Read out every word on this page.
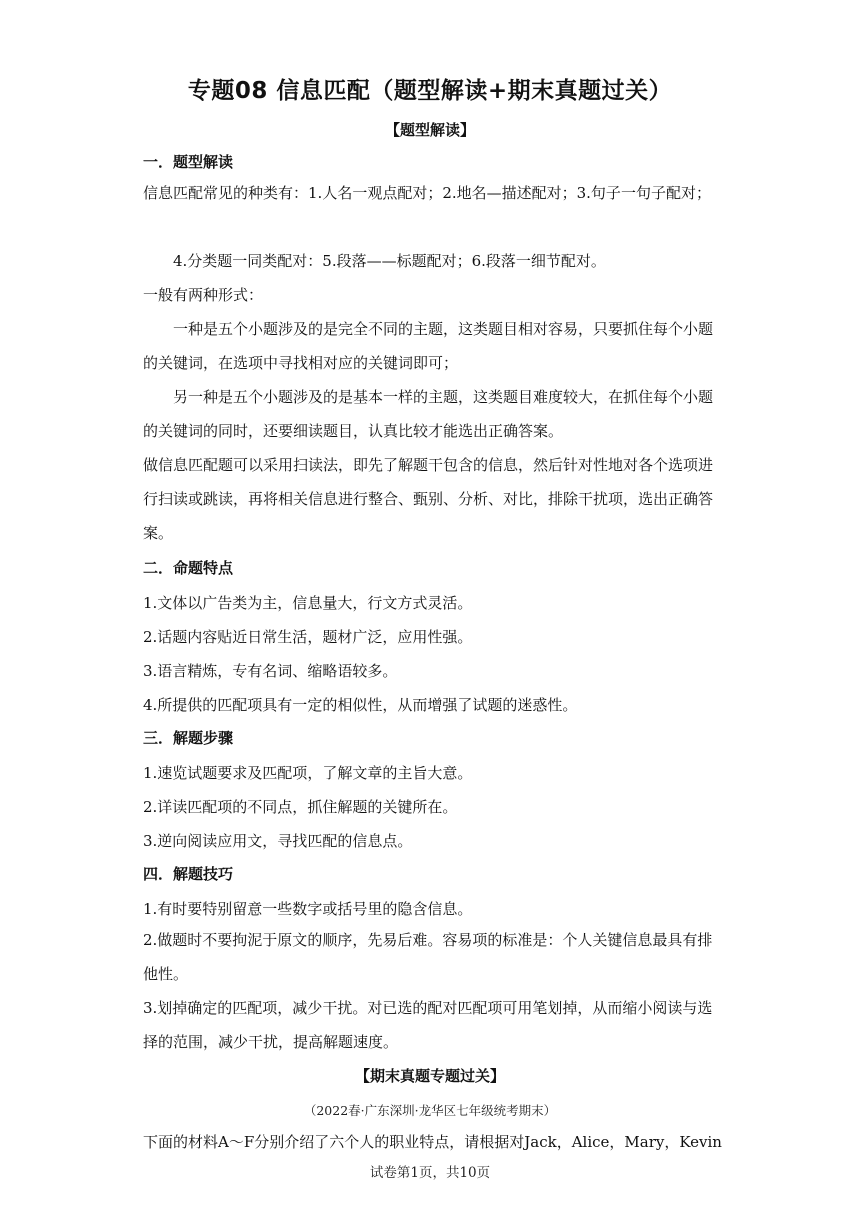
专题08 信息匹配（题型解读+期末真题过关）
【题型解读】
一．题型解读
信息匹配常见的种类有：1.人名一观点配对；2.地名—描述配对；3.句子一句子配对；
4.分类题一同类配对：5.段落——标题配对；6.段落一细节配对。
一般有两种形式：
一种是五个小题涉及的是完全不同的主题，这类题目相对容易，只要抓住每个小题的关键词，在选项中寻找相对应的关键词即可；
另一种是五个小题涉及的是基本一样的主题，这类题目难度较大，在抓住每个小题的关键词的同时，还要细读题目，认真比较才能选出正确答案。
做信息匹配题可以采用扫读法，即先了解题干包含的信息，然后针对性地对各个选项进行扫读或跳读，再将相关信息进行整合、甄别、分析、对比，排除干扰项，选出正确答案。
二．命题特点
1.文体以广告类为主，信息量大，行文方式灵活。
2.话题内容贴近日常生活，题材广泛，应用性强。
3.语言精炼，专有名词、缩略语较多。
4.所提供的匹配项具有一定的相似性，从而增强了试题的迷惑性。
三．解题步骤
1.速览试题要求及匹配项，了解文章的主旨大意。
2.详读匹配项的不同点，抓住解题的关键所在。
3.逆向阅读应用文，寻找匹配的信息点。
四．解题技巧
1.有时要特别留意一些数字或括号里的隐含信息。
2.做题时不要拘泥于原文的顺序，先易后难。容易项的标准是：个人关键信息最具有排他性。
3.划掉确定的匹配项，减少干扰。对已选的配对匹配项可用笔划掉，从而缩小阅读与选择的范围，减少干扰，提高解题速度。
【期末真题专题过关】
（2022春·广东深圳·龙华区七年级统考期末）
下面的材料A～F分别介绍了六个人的职业特点，请根据对Jack，Alice，Mary，Kevin
试卷第1页，共10页
